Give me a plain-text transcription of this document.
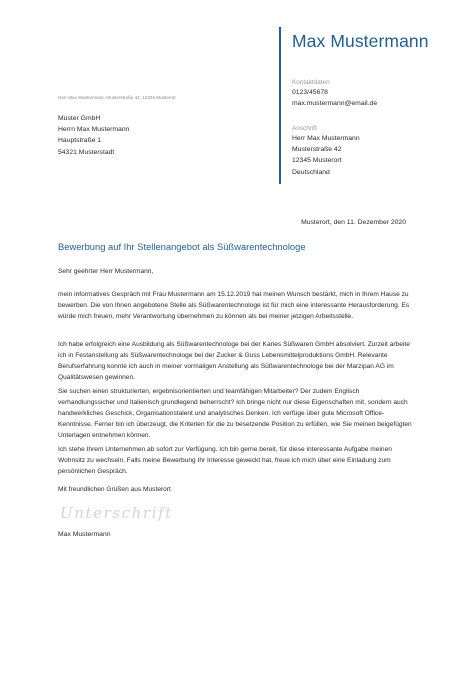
Max Mustermann
Kontaktdaten
0123/45678
max.mustermann@email.de
Anschrift
Herr Max Mustermann
Musterstraße 42
12345 Musterort
Deutschland
Herr Max Mustermann, Musterstraße 42, 12345 Musterort
Muster GmbH
Herrn Max Mustermann
Hauptstraße 1
54321 Musterstadt
Musterort, den 11. Dezember 2020
Bewerbung auf Ihr Stellenangebot als Süßwarentechnologe

Sehr geehrter Herr Mustermann,

mein informatives Gespräch mit Frau Mustermann am 15.12.2019 hat meinen Wunsch bestärkt, mich in Ihrem Hause zu bewerben. Die von Ihnen angebotene Stelle als Süßwarentechnologe ist für mich eine interessante Herausforderung. Es würde mich freuen, mehr Verantwortung übernehmen zu können als bei meiner jetzigen Arbeitsstelle.

Ich habe erfolgreich eine Ausbildung als Süßwarentechnologe bei der Karies Süßwaren GmbH absolviert. Zurzeit arbeite ich in Festanstellung als Süßwarentechnologe bei der Zucker & Guss Lebensmittelproduktions GmbH. Relevante Berufserfahrung konnte ich auch in meiner vormaligen Anstellung als Süßwarentechnologe bei der Marzipan AG im Qualitätswesen gewinnen.

Sie suchen einen strukturierten, ergebnisorientierten und teamfähigen Mitarbeiter? Der zudem Englisch verhandlungssicher und Italienisch grundlegend beherrscht? Ich bringe nicht nur diese Eigenschaften mit, sondern auch handwerkliches Geschick, Organisationstalent und analytisches Denken. Ich verfüge über gute Microsoft Office-Kenntnisse. Ferner bin ich überzeugt, die Kriterien für die zu besetzende Position zu erfüllen, wie Sie meinen beigefügten Unterlagen entnehmen können.

Ich stehe Ihrem Unternehmen ab sofort zur Verfügung. Ich bin gerne bereit, für diese interessante Aufgabe meinen Wohnsitz zu wechseln. Falls meine Bewerbung Ihr Interesse geweckt hat, freue ich mich über eine Einladung zum persönlichen Gespräch.

Mit freundlichen Grüßen aus Musterort

Unterschrift
Max Mustermann
